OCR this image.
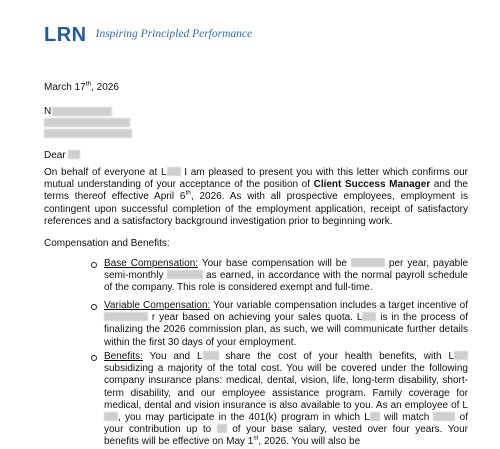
LRN Inspiring Principled Performance
March 17th, 2026
N
Dear
On behalf of everyone at L I am pleased to present you with this letter which confirms our mutual understanding of your acceptance of the position of Client Success Manager and the terms thereof effective April 6th, 2026. As with all prospective employees, employment is contingent upon successful completion of the employment application, receipt of satisfactory references and a satisfactory background investigation prior to beginning work.
Compensation and Benefits:
Base Compensation: Your base compensation will be	per year, payable semi-monthly	as earned, in accordance with the normal payroll schedule of the company. This role is considered exempt and full-time.
Variable Compensation: Your variable compensation includes a target incentive of  r year based on achieving your sales quota. L is in the process of finalizing the 2026 commission plan, as such, we will communicate further details within the first 30 days of your employment.
Benefits: You and L share the cost of your health benefits, with L subsidizing a majority of the total cost. You will be covered under the following company insurance plans: medical, dental, vision, life, long-term disability, short-term disability, and our employee assistance program. Family coverage for medical, dental and vision insurance is also available to you. As an employee of L, you may participate in the 401(k) program in which L will match  of your contribution up to  of your base salary, vested over four years. Your benefits will be effective on May 1st, 2026. You will also be
